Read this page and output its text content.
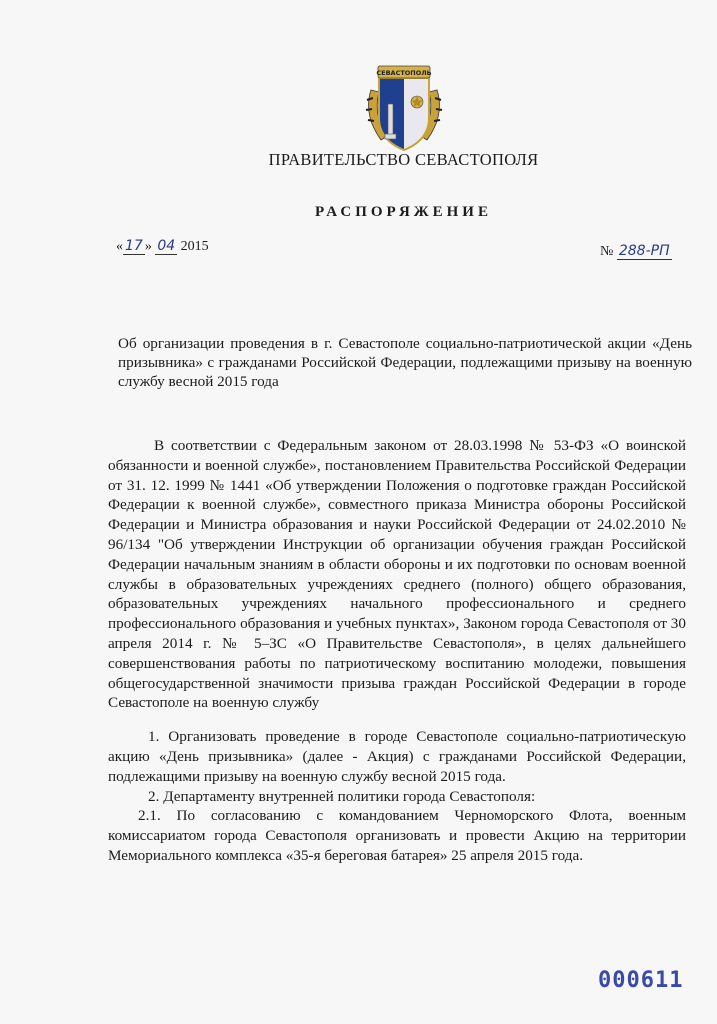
СЕВАСТОПОЛЬ
ПРАВИТЕЛЬСТВО СЕВАСТОПОЛЯ
РАСПОРЯЖЕНИЕ
« 17 » 04 2015	№ 288-РП
Об организации проведения в г. Севастополе социально-патриотической акции «День призывника» с гражданами Российской Федерации, подлежащими призыву на военную службу весной 2015 года

В соответствии с Федеральным законом от 28.03.1998 № 53-ФЗ «О воинской обязанности и военной службе», постановлением Правительства Российской Федерации от 31. 12. 1999 № 1441 «Об утверждении Положения о подготовке граждан Российской Федерации к военной службе», совместного приказа Министра обороны Российской Федерации и Министра образования и науки Российской Федерации от 24.02.2010 № 96/134 "Об утверждении Инструкции об организации обучения граждан Российской Федерации начальным знаниям в области обороны и их подготовки по основам военной службы в образовательных учреждениях среднего (полного) общего образования, образовательных учреждениях начального профессионального и среднего профессионального образования и учебных пунктах», Законом города Севастополя от 30 апреля 2014 г. № 5–ЗС «О Правительстве Севастополя», в целях дальнейшего совершенствования работы по патриотическому воспитанию молодежи, повышения общегосударственной значимости призыва граждан Российской Федерации в городе Севастополе на военную службу

1. Организовать проведение в городе Севастополе социально-патриотическую акцию «День призывника» (далее - Акция) с гражданами Российской Федерации, подлежащими призыву на военную службу весной 2015 года.

2. Департаменту внутренней политики города Севастополя:

2.1. По согласованию с командованием Черноморского Флота, военным комиссариатом города Севастополя организовать и провести Акцию на территории Мемориального комплекса «35-я береговая батарея» 25 апреля 2015 года.

000611
